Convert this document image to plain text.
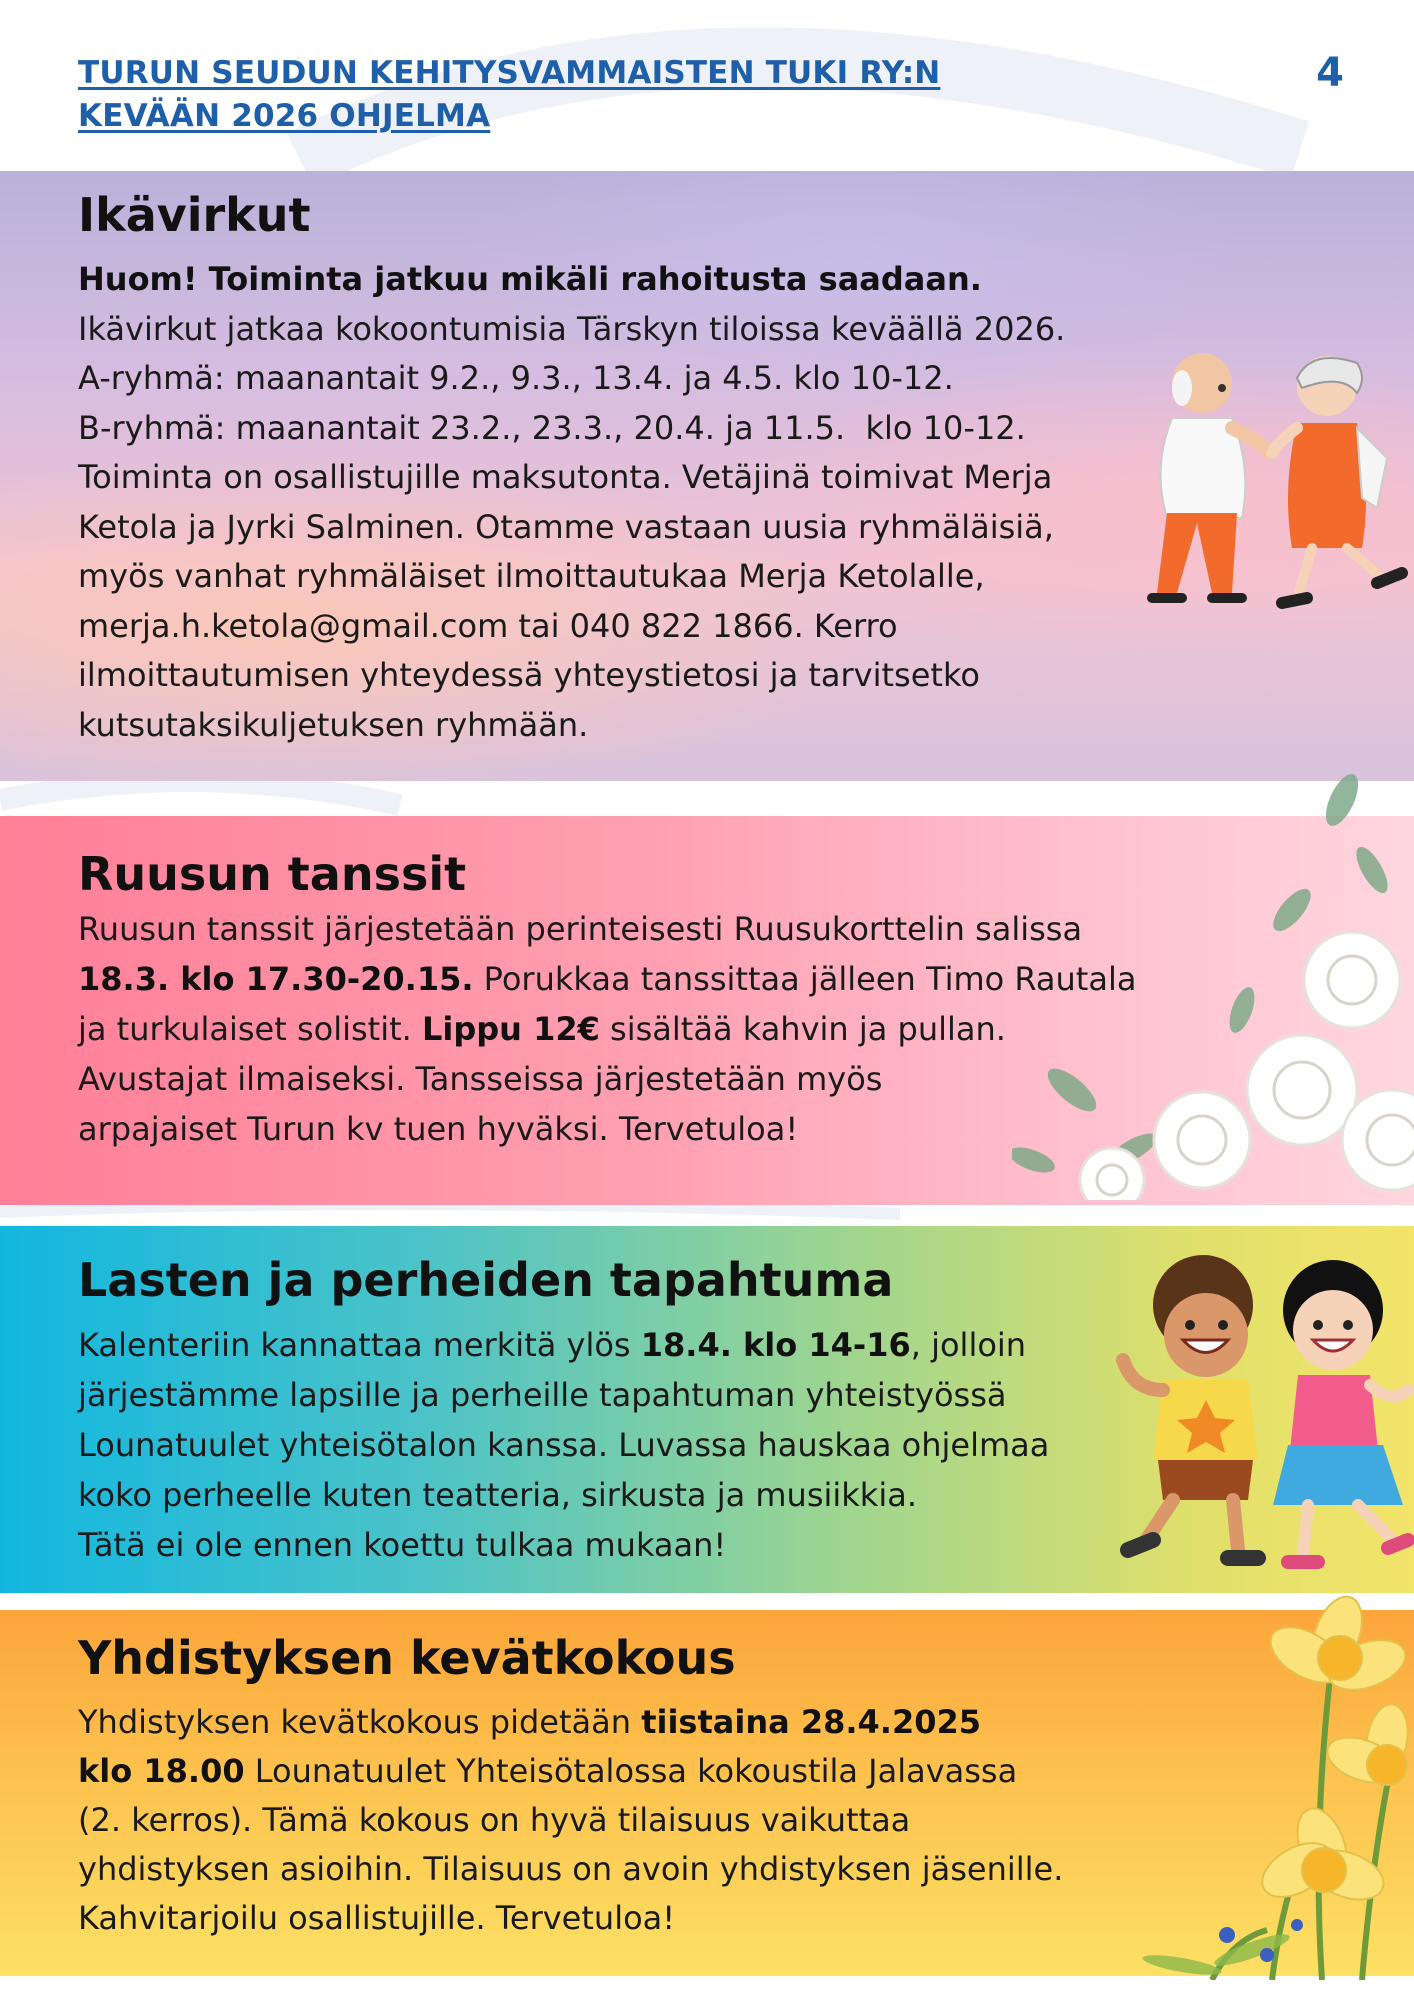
TURUN SEUDUN KEHITYSVAMMAISTEN TUKI RY:N
KEVÄÄN 2026 OHJELMA
4
Ikävirkut

Huom! Toiminta jatkuu mikäli rahoitusta saadaan.
Ikävirkut jatkaa kokoontumisia Tärskyn tiloissa keväällä 2026.
A-ryhmä: maanantait 9.2., 9.3., 13.4. ja 4.5. klo 10-12.
B-ryhmä: maanantait 23.2., 23.3., 20.4. ja 11.5.  klo 10-12.
Toiminta on osallistujille maksutonta. Vetäjinä toimivat Merja
Ketola ja Jyrki Salminen. Otamme vastaan uusia ryhmäläisiä,
myös vanhat ryhmäläiset ilmoittautukaa Merja Ketolalle,
merja.h.ketola@gmail.com tai 040 822 1866. Kerro
ilmoittautumisen yhteydessä yhteystietosi ja tarvitsetko
kutsutaksikuljetuksen ryhmään.

Ruusun tanssit

Ruusun tanssit järjestetään perinteisesti Ruusukorttelin salissa
18.3. klo 17.30-20.15. Porukkaa tanssittaa jälleen Timo Rautala
ja turkulaiset solistit. Lippu 12€ sisältää kahvin ja pullan.
Avustajat ilmaiseksi. Tansseissa järjestetään myös
arpajaiset Turun kv tuen hyväksi. Tervetuloa!

Lasten ja perheiden tapahtuma

Kalenteriin kannattaa merkitä ylös 18.4. klo 14-16, jolloin
järjestämme lapsille ja perheille tapahtuman yhteistyössä
Lounatuulet yhteisötalon kanssa. Luvassa hauskaa ohjelmaa
koko perheelle kuten teatteria, sirkusta ja musiikkia.
Tätä ei ole ennen koettu tulkaa mukaan!

Yhdistyksen kevätkokous

Yhdistyksen kevätkokous pidetään tiistaina 28.4.2025
klo 18.00 Lounatuulet Yhteisötalossa kokoustila Jalavassa
(2. kerros). Tämä kokous on hyvä tilaisuus vaikuttaa
yhdistyksen asioihin. Tilaisuus on avoin yhdistyksen jäsenille.
Kahvitarjoilu osallistujille. Tervetuloa!
